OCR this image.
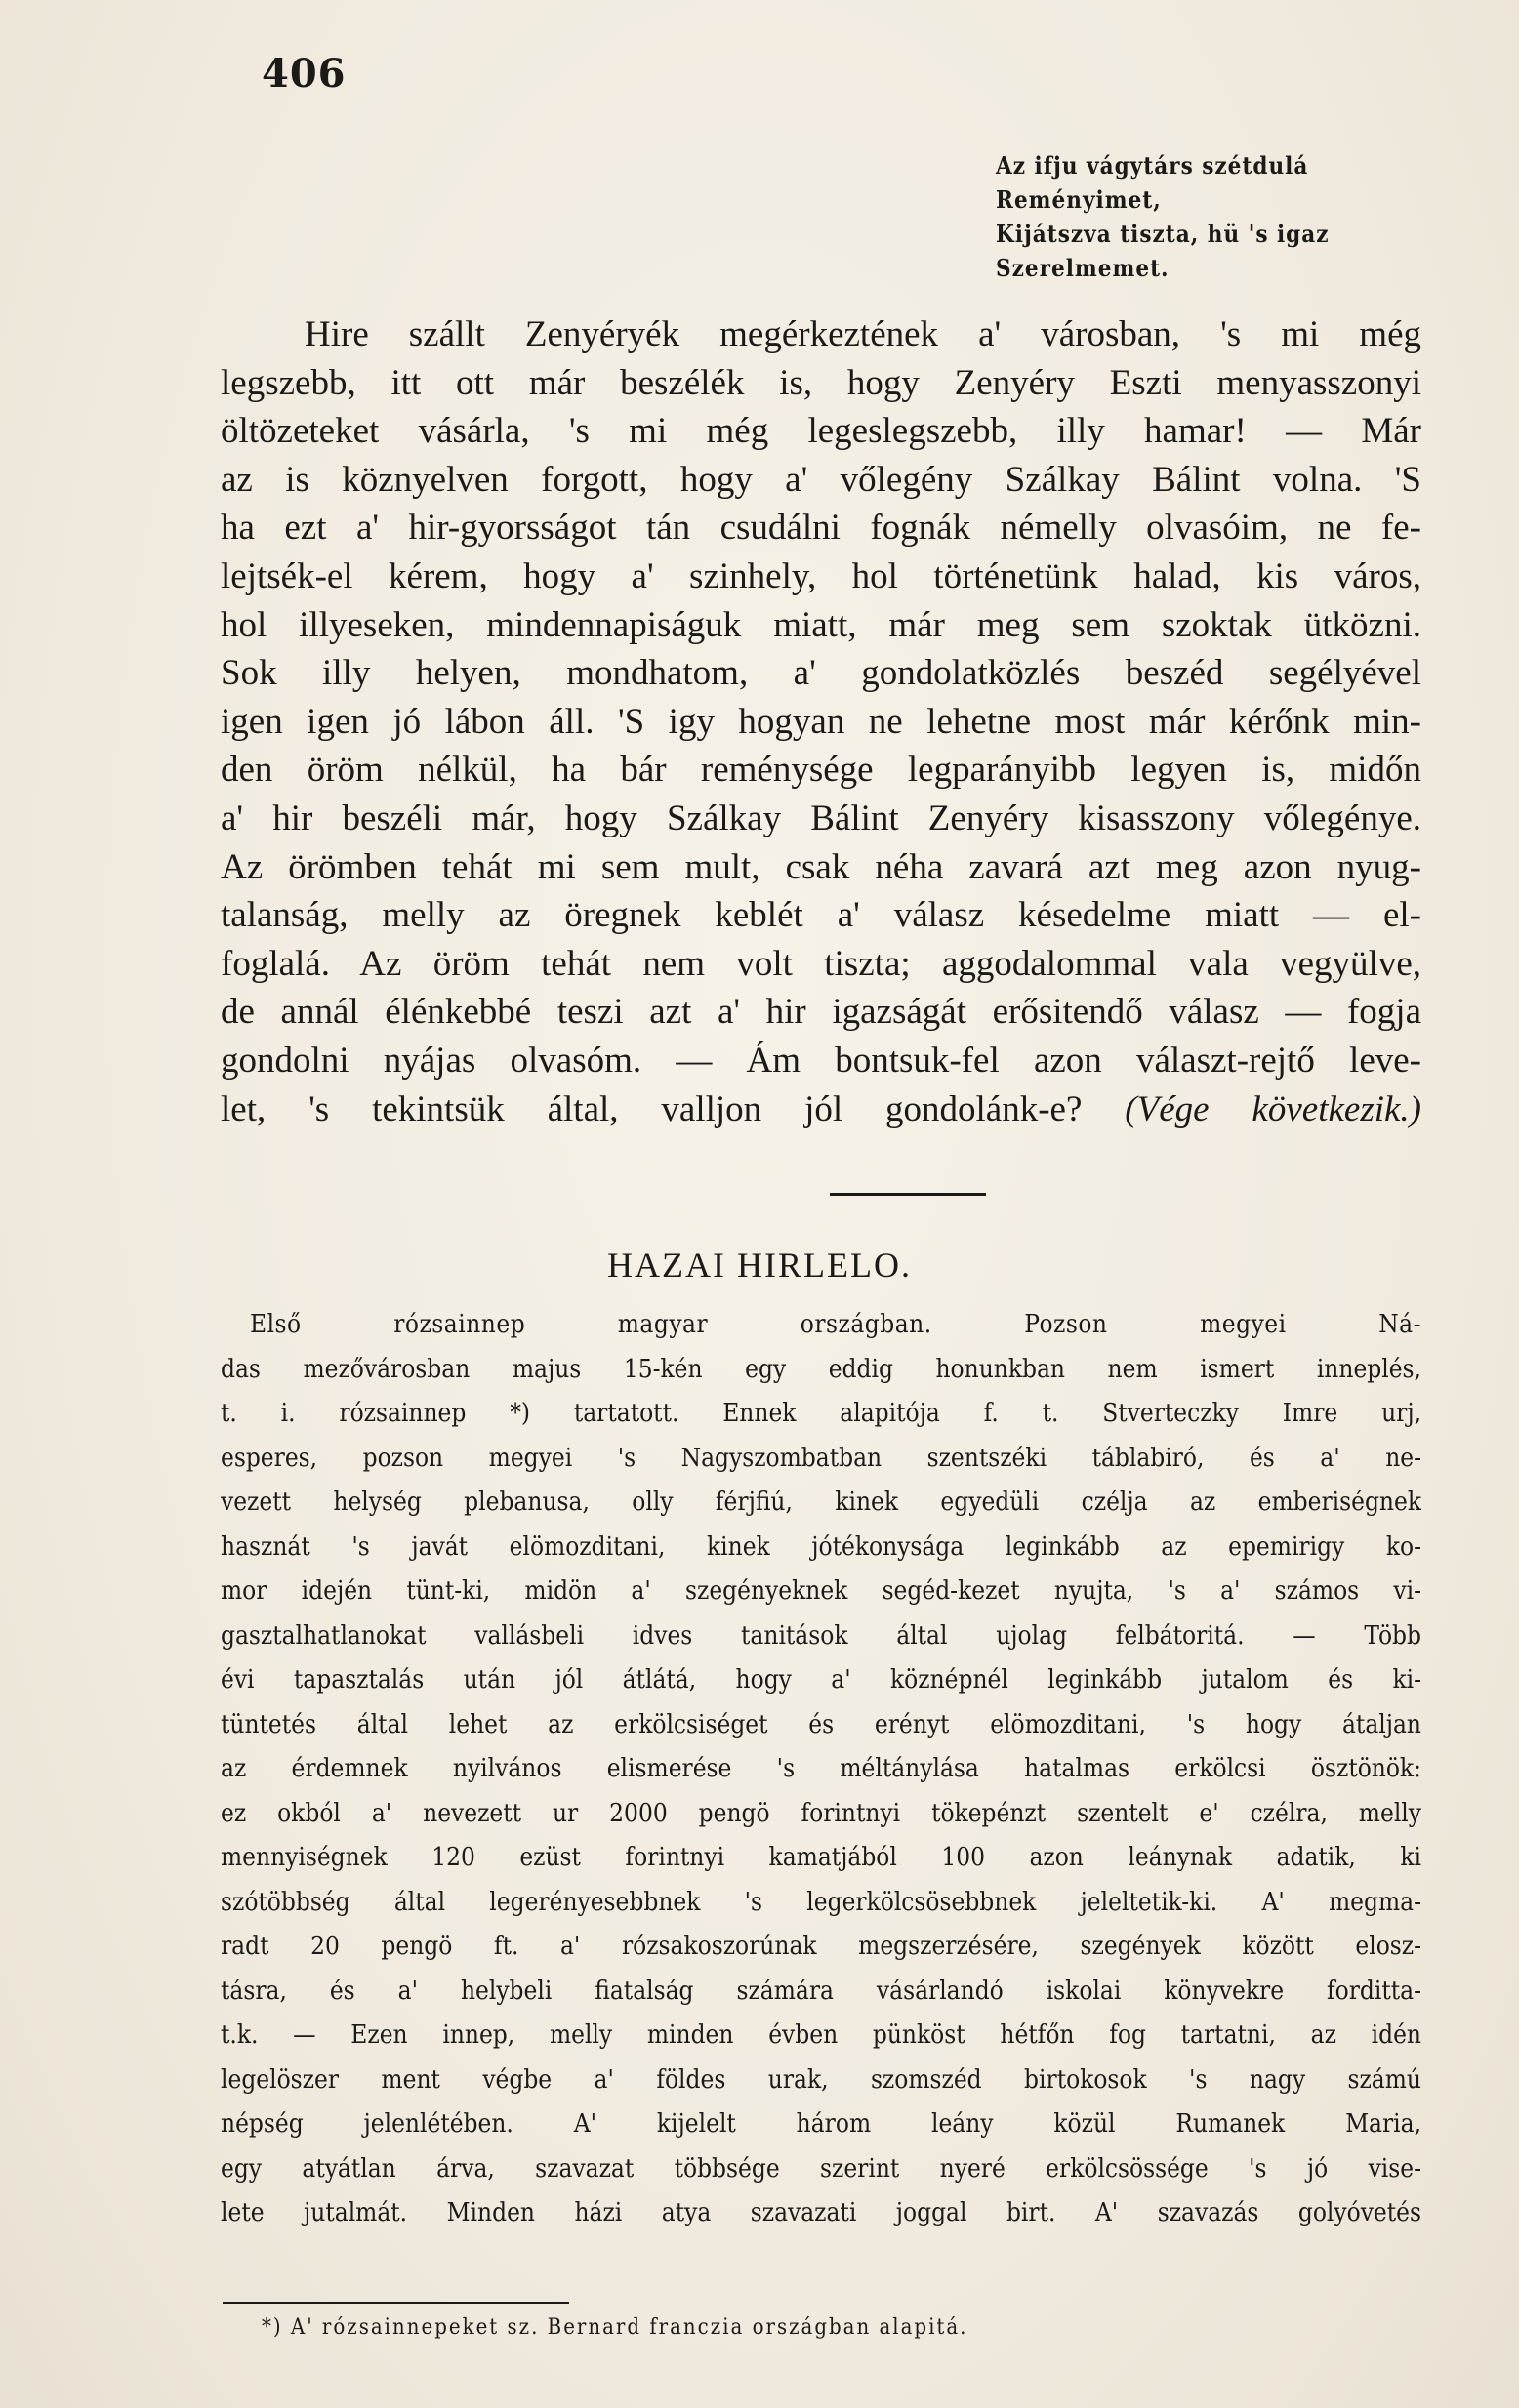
406

Az ifju vágytárs szétdulá
Reményimet,
Kijátszva tiszta, hü 's igaz
Szerelmemet.
Hire szállt Zenyéryék megérkeztének a' városban, 's mi még
legszebb, itt ott már beszélék is, hogy Zenyéry Eszti menyasszonyi
öltözeteket vásárla, 's mi még legeslegszebb, illy hamar! — Már
az is köznyelven forgott, hogy a' vőlegény Szálkay Bálint volna. 'S
ha ezt a' hir-gyorsságot tán csudálni fognák némelly olvasóim, ne fe-
lejtsék-el kérem, hogy a' szinhely, hol történetünk halad, kis város,
hol illyeseken, mindennapiságuk miatt, már meg sem szoktak ütközni.
Sok illy helyen, mondhatom, a' gondolatközlés beszéd segélyével
igen igen jó lábon áll. 'S igy hogyan ne lehetne most már kérőnk min-
den öröm nélkül, ha bár reménysége legparányibb legyen is, midőn
a' hir beszéli már, hogy Szálkay Bálint Zenyéry kisasszony vőlegénye.
Az örömben tehát mi sem mult, csak néha zavará azt meg azon nyug-
talanság, melly az öregnek keblét a' válasz késedelme miatt — el-
foglalá. Az öröm tehát nem volt tiszta; aggodalommal vala vegyülve,
de annál élénkebbé teszi azt a' hir igazságát erősitendő válasz — fogja
gondolni nyájas olvasóm. — Ám bontsuk-fel azon választ-rejtő leve-
let, 's tekintsük által, valljon jól gondolánk-e? (Vége következik.)

HAZAI HIRLELO.

Első rózsainnep magyar országban. Pozson megyei Ná-
das mezővárosban majus 15-kén egy eddig honunkban nem ismert inneplés,
t. i. rózsainnep *) tartatott. Ennek alapitója f. t. Stverteczky Imre urj,
esperes, pozson megyei 's Nagyszombatban szentszéki táblabiró, és a' ne-
vezett helység plebanusa, olly férjfiú, kinek egyedüli czélja az emberiségnek
hasznát 's javát elömozditani, kinek jótékonysága leginkább az epemirigy ko-
mor idején tünt-ki, midön a' szegényeknek segéd-kezet nyujta, 's a' számos vi-
gasztalhatlanokat vallásbeli idves tanitások által ujolag felbátoritá. — Több
évi tapasztalás után jól átlátá, hogy a' köznépnél leginkább jutalom és ki-
tüntetés által lehet az erkölcsiséget és erényt elömozditani, 's hogy átaljan
az érdemnek nyilvános elismerése 's méltánylása hatalmas erkölcsi ösztönök:
ez okból a' nevezett ur 2000 pengö forintnyi tökepénzt szentelt e' czélra, melly
mennyiségnek 120 ezüst forintnyi kamatjából 100 azon leánynak adatik, ki
szótöbbség által legerényesebbnek 's legerkölcsösebbnek jeleltetik-ki. A' megma-
radt 20 pengö ft. a' rózsakoszorúnak megszerzésére, szegények között elosz-
tásra, és a' helybeli fiatalság számára vásárlandó iskolai könyvekre forditta-
t.k. — Ezen innep, melly minden évben pünköst hétfőn fog tartatni, az idén
legelöszer ment végbe a' földes urak, szomszéd birtokosok 's nagy számú
népség jelenlétében. A' kijelelt három leány közül Rumanek Maria,
egy atyátlan árva, szavazat többsége szerint nyeré erkölcsössége 's jó vise-
lete jutalmát. Minden házi atya szavazati joggal birt. A' szavazás golyóvetés

*) A' rózsainnepeket sz. Bernard franczia országban alapitá.
